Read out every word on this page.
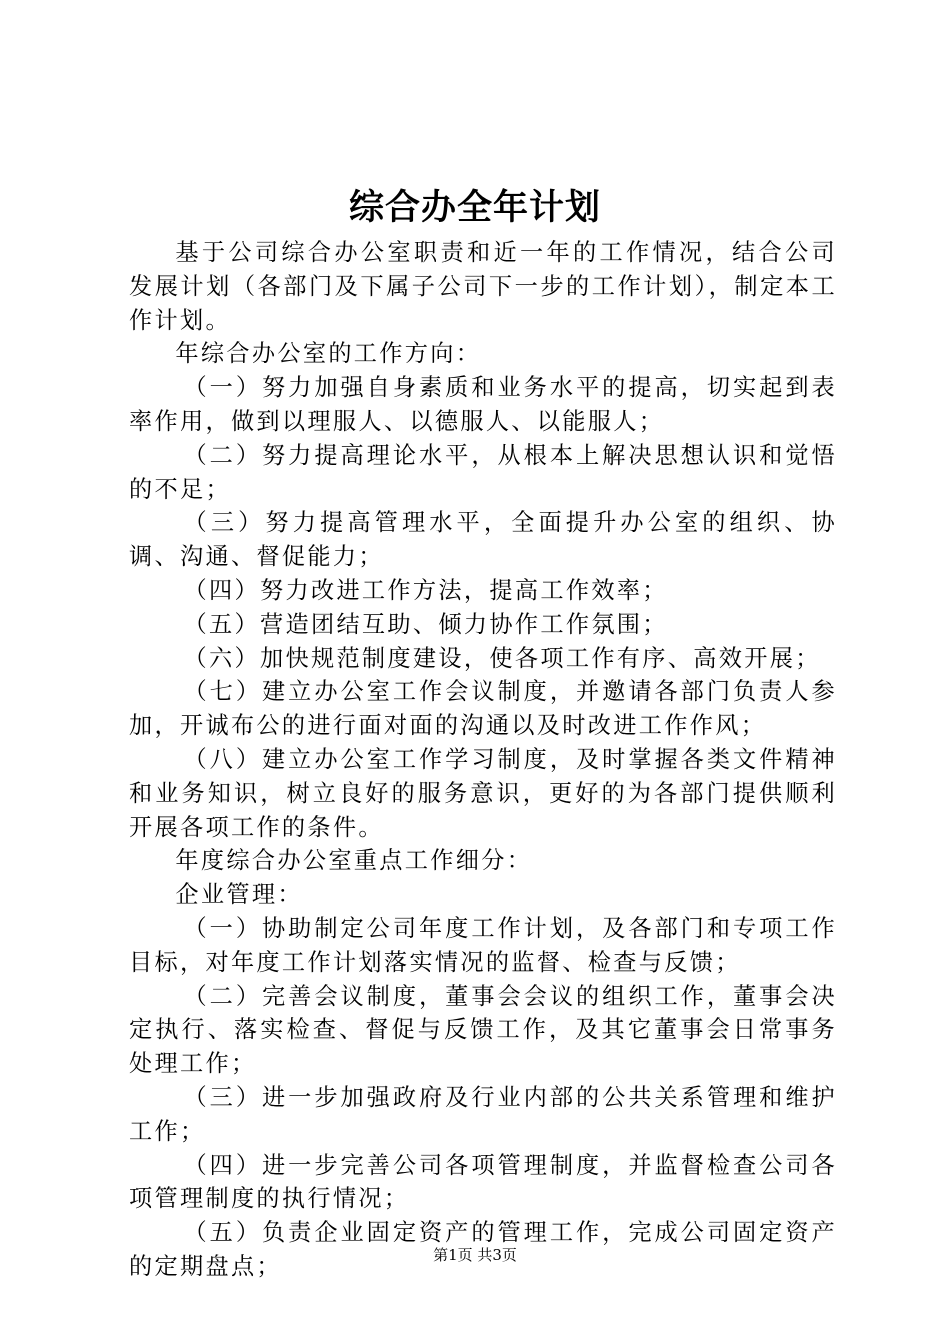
综合办全年计划

基于公司综合办公室职责和近一年的工作情况，结合公司发展计划（各部门及下属子公司下一步的工作计划），制定本工作计划。

年综合办公室的工作方向：

（一）努力加强自身素质和业务水平的提高，切实起到表率作用，做到以理服人、以德服人、以能服人；

（二）努力提高理论水平，从根本上解决思想认识和觉悟的不足；

（三）努力提高管理水平，全面提升办公室的组织、协调、沟通、督促能力；

（四）努力改进工作方法，提高工作效率；

（五）营造团结互助、倾力协作工作氛围；

（六）加快规范制度建设，使各项工作有序、高效开展；

（七）建立办公室工作会议制度，并邀请各部门负责人参加，开诚布公的进行面对面的沟通以及时改进工作作风；

（八）建立办公室工作学习制度，及时掌握各类文件精神和业务知识，树立良好的服务意识，更好的为各部门提供顺利开展各项工作的条件。

年度综合办公室重点工作细分：

企业管理：

（一）协助制定公司年度工作计划，及各部门和专项工作目标，对年度工作计划落实情况的监督、检查与反馈；

（二）完善会议制度，董事会会议的组织工作，董事会决定执行、落实检查、督促与反馈工作，及其它董事会日常事务处理工作；

（三）进一步加强政府及行业内部的公共关系管理和维护工作；

（四）进一步完善公司各项管理制度，并监督检查公司各项管理制度的执行情况；

（五）负责企业固定资产的管理工作，完成公司固定资产的定期盘点；	第1页 共3页
